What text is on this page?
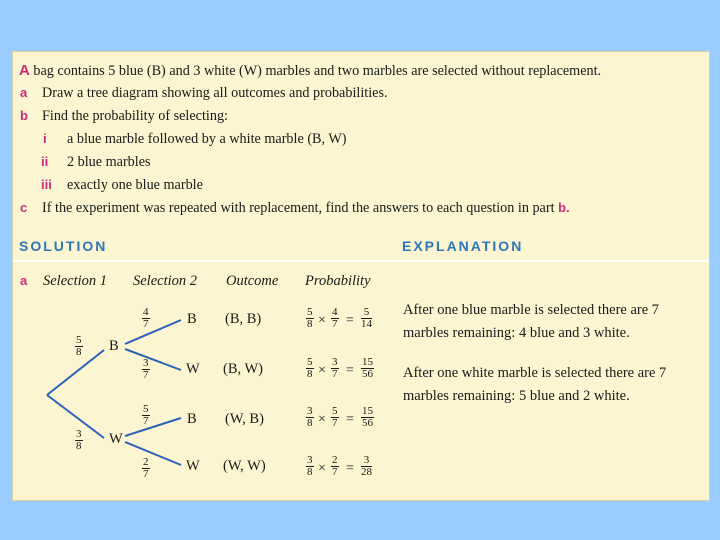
A bag contains 5 blue (B) and 3 white (W) marbles and two marbles are selected without replacement.
a Draw a tree diagram showing all outcomes and probabilities.
b Find the probability of selecting:
i a blue marble followed by a white marble (B, W)
ii 2 blue marbles
iii exactly one blue marble
c If the experiment was repeated with replacement, find the answers to each question in part b.
SOLUTION	EXPLANATION
a Selection 1 Selection 2 Outcome Probability
B
W
$\frac{5}{8}$
$\frac{3}{8}$
B
W
B
W
$\frac{4}{7}$
$\frac{3}{7}$
$\frac{5}{7}$
$\frac{2}{7}$
(B, B)
(B, W)
(W, B)
(W, W)
$\frac{5}{8} \times \frac{4}{7} = \frac{5}{14}$
$\frac{5}{8} \times \frac{3}{7} = \frac{15}{56}$
$\frac{3}{8} \times \frac{5}{7} = \frac{15}{56}$
$\frac{3}{8} \times \frac{2}{7} = \frac{3}{28}$
After one blue marble is selected there are 7 marbles remaining: 4 blue and 3 white.
After one white marble is selected there are 7 marbles remaining: 5 blue and 2 white.
